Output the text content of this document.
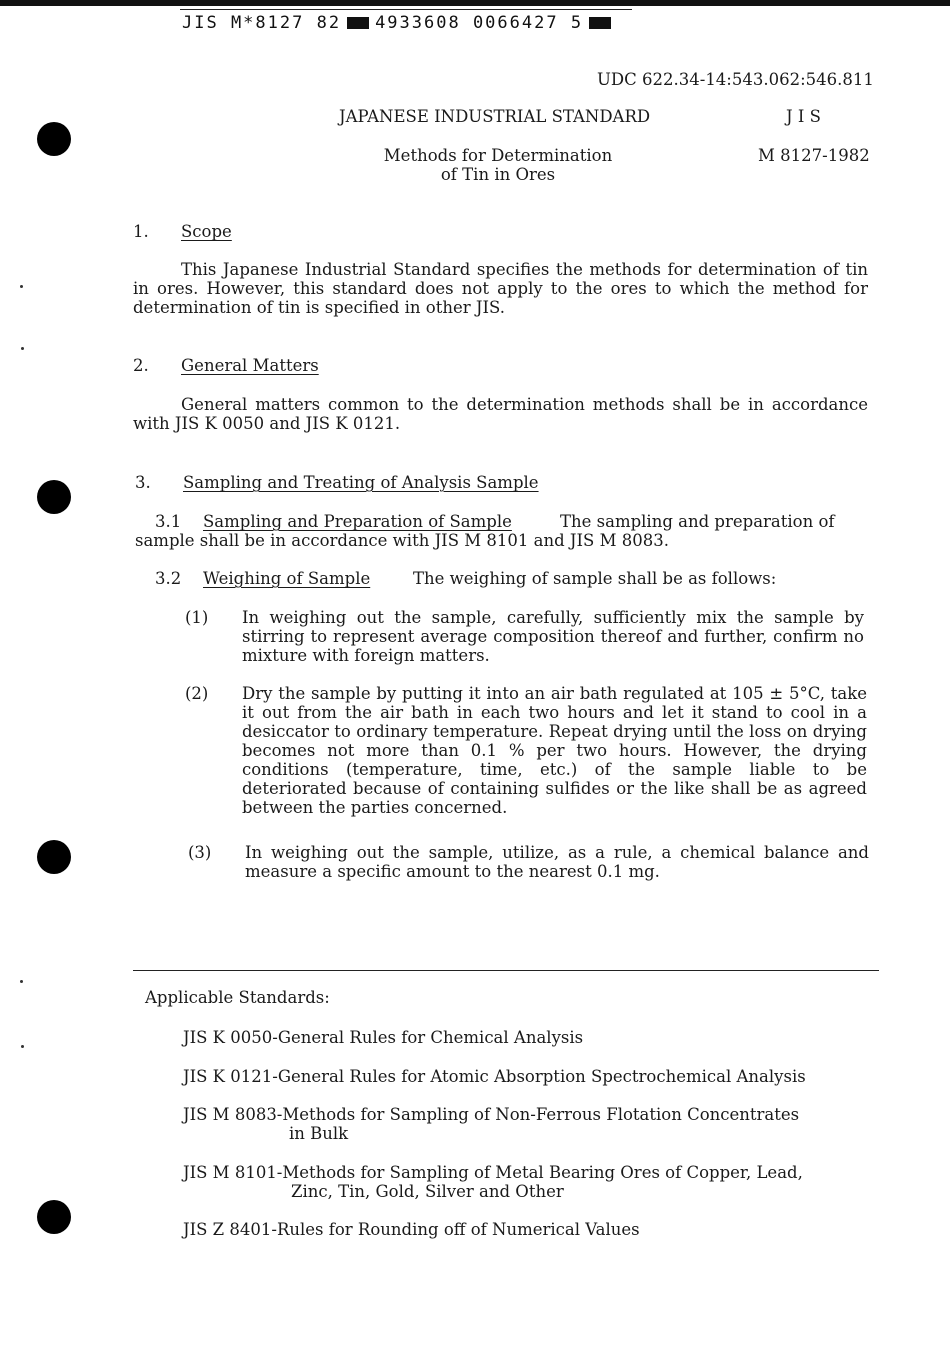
JIS M*8127 82 4933608 0066427 5
UDC 622.34-14:543.062:546.811
JAPANESE INDUSTRIAL STANDARD	J I S
Methods for Determination
of Tin in Ores
M 8127-1982
1. Scope
This Japanese Industrial Standard specifies the methods for determination of tin in ores. However, this standard does not apply to the ores to which the method for determination of tin is specified in other JIS.
2. General Matters
General matters common to the determination methods shall be in accordance with JIS K 0050 and JIS K 0121.
3. Sampling and Treating of Analysis Sample
3.1 Sampling and Preparation of Sample	The sampling and preparation of
sample shall be in accordance with JIS M 8101 and JIS M 8083.
3.2 Weighing of Sample	The weighing of sample shall be as follows:
(1) In weighing out the sample, carefully, sufficiently mix the sample by stirring to represent average composition thereof and further, confirm no mixture with foreign matters.
(2) Dry the sample by putting it into an air bath regulated at 105 ± 5°C, take it out from the air bath in each two hours and let it stand to cool in a desiccator to ordinary temperature. Repeat drying until the loss on drying becomes not more than 0.1 % per two hours. However, the drying conditions (temperature, time, etc.) of the sample liable to be deteriorated because of containing sulfides or the like shall be as agreed between the parties concerned.
(3) In weighing out the sample, utilize, as a rule, a chemical balance and measure a specific amount to the nearest 0.1 mg.
Applicable Standards:
JIS K 0050-General Rules for Chemical Analysis
JIS K 0121-General Rules for Atomic Absorption Spectrochemical Analysis
JIS M 8083-Methods for Sampling of Non-Ferrous Flotation Concentrates
in Bulk
JIS M 8101-Methods for Sampling of Metal Bearing Ores of Copper, Lead,
Zinc, Tin, Gold, Silver and Other
JIS Z 8401-Rules for Rounding off of Numerical Values
